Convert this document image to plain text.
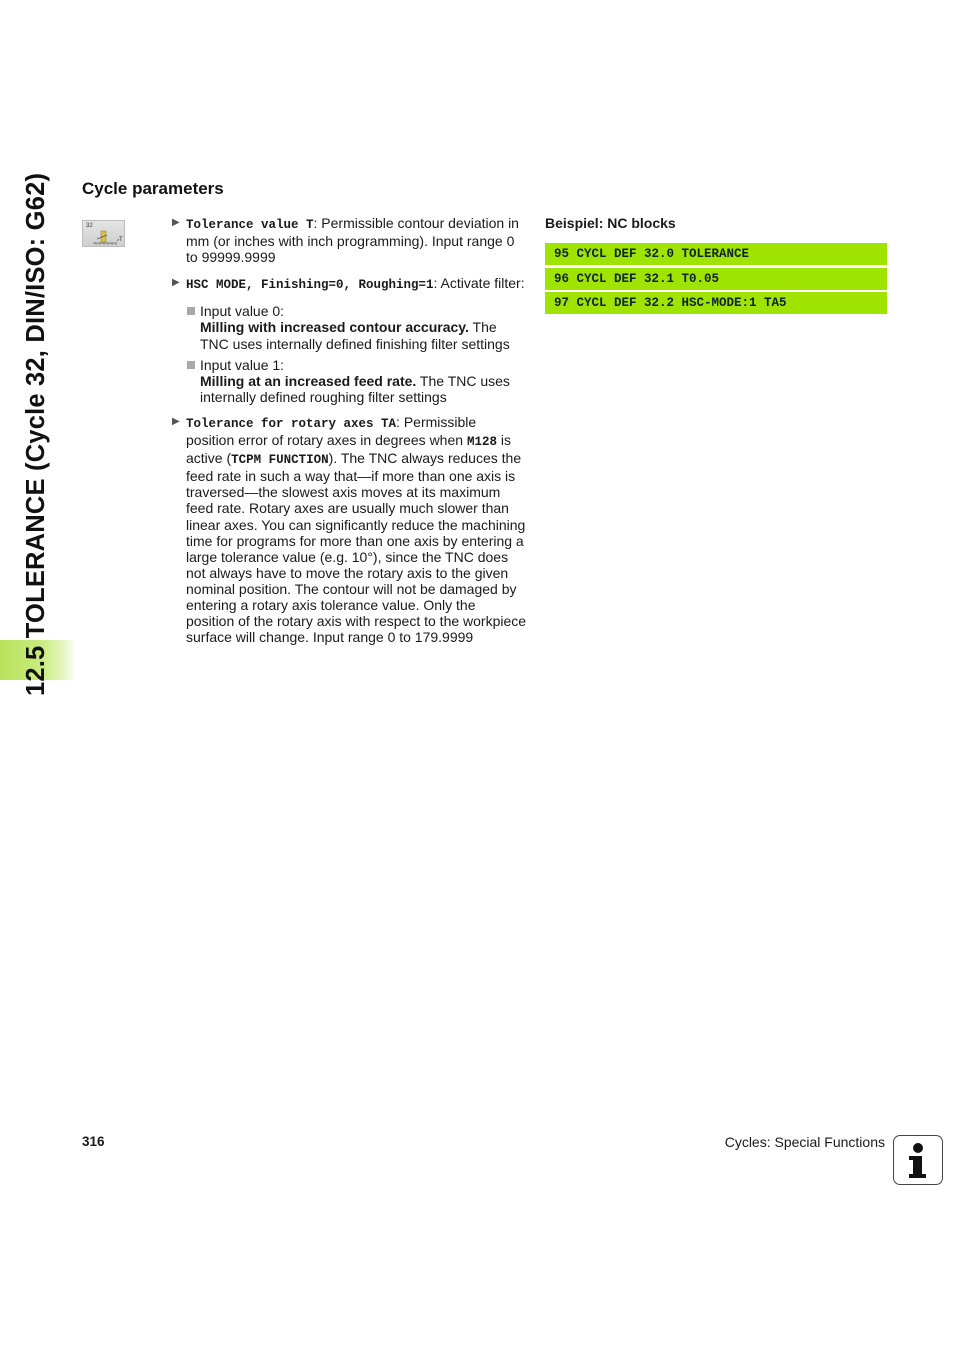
12.5 TOLERANCE (Cycle 32, DIN/ISO: G62) Cycle parameters
32
T
▶ Tolerance value T: Permissible contour deviation in mm (or inches with inch programming). Input range 0 to 99999.9999
▶ HSC MODE, Finishing=0, Roughing=1: Activate filter:
Input value 0:
Milling with increased contour accuracy. The TNC uses internally defined finishing filter settings
Input value 1:
Milling at an increased feed rate. The TNC uses internally defined roughing filter settings
▶ Tolerance for rotary axes TA: Permissible position error of rotary axes in degrees when M128 is active (TCPM FUNCTION). The TNC always reduces the feed rate in such a way that—if more than one axis is traversed—the slowest axis moves at its maximum feed rate. Rotary axes are usually much slower than linear axes. You can significantly reduce the machining time for programs for more than one axis by entering a large tolerance value (e.g. 10°), since the TNC does not always have to move the rotary axis to the given nominal position. The contour will not be damaged by entering a rotary axis tolerance value. Only the position of the rotary axis with respect to the workpiece surface will change. Input range 0 to 179.9999
Beispiel: NC blocks
95 CYCL DEF 32.0 TOLERANCE
96 CYCL DEF 32.1 T0.05
97 CYCL DEF 32.2 HSC-MODE:1 TA5
316	Cycles: Special Functions
